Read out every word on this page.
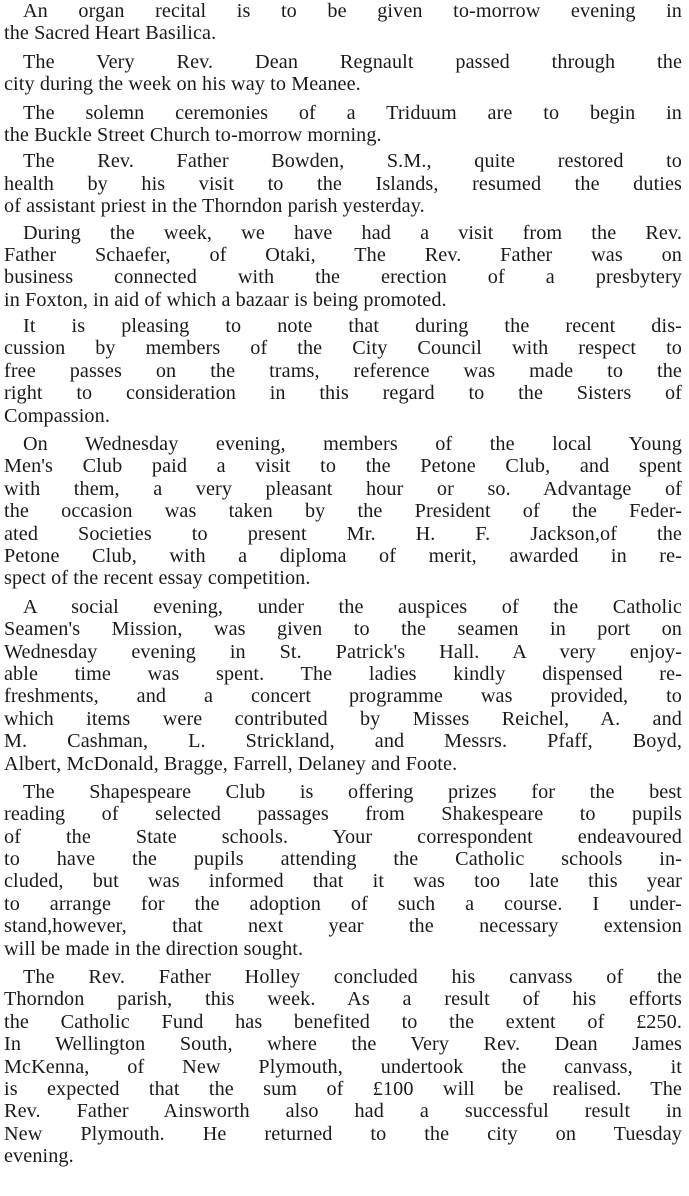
An organ recital is to be given to-morrow evening in
the Sacred Heart Basilica.
The Very Rev. Dean Regnault passed through the
city during the week on his way to Meanee.
The solemn ceremonies of a Triduum are to begin in
the Buckle Street Church to-morrow morning.
The Rev. Father Bowden, S.M., quite restored to
health by his visit to the Islands, resumed the duties
of assistant priest in the Thorndon parish yesterday.
During the week, we have had a visit from the Rev.
Father Schaefer, of Otaki, The Rev. Father was on
business connected with the erection of a presbytery
in Foxton, in aid of which a bazaar is being promoted.
It is pleasing to note that during the recent dis-
cussion by members of the City Council with respect to
free passes on the trams, reference was made to the
right to consideration in this regard to the Sisters of
Compassion.
On Wednesday evening, members of the local Young
Men's Club paid a visit to the Petone Club, and spent
with them, a very pleasant hour or so. Advantage of
the occasion was taken by the President of the Feder-
ated Societies to present Mr. H. F. Jackson,of the
Petone Club, with a diploma of merit, awarded in re-
spect of the recent essay competition.
A social evening, under the auspices of the Catholic
Seamen's Mission, was given to the seamen in port on
Wednesday evening in St. Patrick's Hall. A very enjoy-
able time was spent. The ladies kindly dispensed re-
freshments, and a concert programme was provided, to
which items were contributed by Misses Reichel, A. and
M. Cashman, L. Strickland, and Messrs. Pfaff, Boyd,
Albert, McDonald, Bragge, Farrell, Delaney and Foote.
The Shapespeare Club is offering prizes for the best
reading of selected passages from Shakespeare to pupils
of the State schools. Your correspondent endeavoured
to have the pupils attending the Catholic schools in-
cluded, but was informed that it was too late this year
to arrange for the adoption of such a course. I under-
stand,however, that next year the necessary extension
will be made in the direction sought.
The Rev. Father Holley concluded his canvass of the
Thorndon parish, this week. As a result of his efforts
the Catholic Fund has benefited to the extent of £250.
In Wellington South, where the Very Rev. Dean James
McKenna, of New Plymouth, undertook the canvass, it
is expected that the sum of £100 will be realised. The
Rev. Father Ainsworth also had a successful result in
New Plymouth. He returned to the city on Tuesday
evening.
